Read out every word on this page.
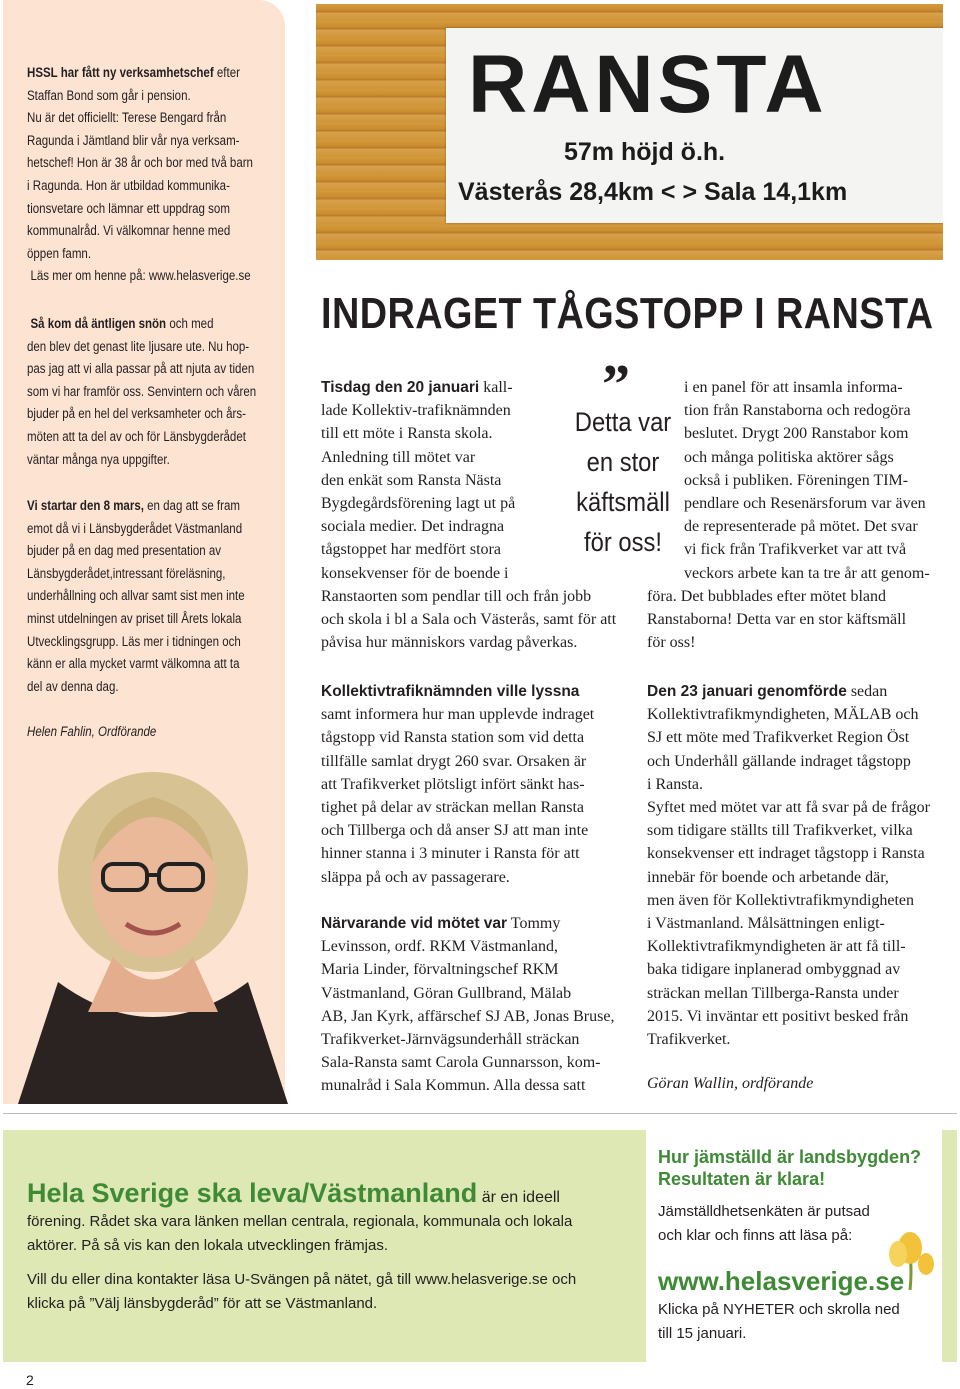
HSSL har fått ny verksamhetschef efter
Staffan Bond som går i pension.
Nu är det officiellt: Terese Bengard från
Ragunda i Jämtland blir vår nya verksam-
hetschef! Hon är 38 år och bor med två barn
i Ragunda. Hon är utbildad kommunika-
tionsvetare och lämnar ett uppdrag som
kommunalråd. Vi välkomnar henne med
öppen famn.
Läs mer om henne på: www.helasverige.se
Så kom då äntligen snön och med
den blev det genast lite ljusare ute. Nu hop-
pas jag att vi alla passar på att njuta av tiden
som vi har framför oss. Senvintern och våren
bjuder på en hel del verksamheter och års-
möten att ta del av och för Länsbygderådet
väntar många nya uppgifter.
Vi startar den 8 mars, en dag att se fram
emot då vi i Länsbygderådet Västmanland
bjuder på en dag med presentation av
Länsbygderådet,intressant föreläsning,
underhållning och allvar samt sist men inte
minst utdelningen av priset till Årets lokala
Utvecklingsgrupp. Läs mer i tidningen och
känn er alla mycket varmt välkomna att ta
del av denna dag.
Helen Fahlin, Ordförande
RANSTA
57m höjd ö.h.
Västerås 28,4km < > Sala 14,1km
INDRAGET TÅGSTOPP I RANSTA

Tisdag den 20 januari kall-

lade Kollektiv-trafiknämnden

till ett möte i Ransta skola.

Anledning till mötet var

den enkät som Ransta Nästa

Bygdegårdsförening lagt ut på

sociala medier. Det indragna

tågstoppet har medfört stora

konsekvenser för de boende i

Ranstaorten som pendlar till och från jobb

och skola i bl a Sala och Västerås, samt för att

påvisa hur människors vardag påverkas.

Kollektivtrafiknämnden ville lyssna

samt informera hur man upplevde indraget

tågstopp vid Ransta station som vid detta

tillfälle samlat drygt 260 svar. Orsaken är

att Trafikverket plötsligt infört sänkt has-

tighet på delar av sträckan mellan Ransta

och Tillberga och då anser SJ att man inte

hinner stanna i 3 minuter i Ransta för att

släppa på och av passagerare.

Närvarande vid mötet var Tommy

Levinsson, ordf. RKM Västmanland,

Maria Linder, förvaltningschef RKM

Västmanland, Göran Gullbrand, Mälab

AB, Jan Kyrk, affärschef SJ AB, Jonas Bruse,

Trafikverket-Järnvägsunderhåll sträckan

Sala-Ransta samt Carola Gunnarsson, kom-

munalråd i Sala Kommun. Alla dessa satt

”
Detta var
en stor
käftsmäll
för oss!

i en panel för att insamla informa-

tion från Ranstaborna och redogöra

beslutet. Drygt 200 Ranstabor kom

och många politiska aktörer sågs

också i publiken. Föreningen TIM-

pendlare och Resenärsforum var även

de representerade på mötet. Det svar

vi fick från Trafikverket var att två

veckors arbete kan ta tre år att genom-

föra. Det bubblades efter mötet bland

Ranstaborna! Detta var en stor käftsmäll

för oss!

Den 23 januari genomförde sedan

Kollektivtrafikmyndigheten, MÄLAB och

SJ ett möte med Trafikverket Region Öst

och Underhåll gällande indraget tågstopp

i Ransta.

Syftet med mötet var att få svar på de frågor

som tidigare ställts till Trafikverket, vilka

konsekvenser ett indraget tågstopp i Ransta

innebär för boende och arbetande där,

men även för Kollektivtrafikmyndigheten

i Västmanland. Målsättningen enligt-

Kollektivtrafikmyndigheten är att få till-

baka tidigare inplanerad ombyggnad av

sträckan mellan Tillberga-Ransta under

2015. Vi inväntar ett positivt besked från

Trafikverket.

Göran Wallin, ordförande
Hela Sverige ska leva/Västmanland är en ideell
förening. Rådet ska vara länken mellan centrala, regionala, kommunala och lokala
aktörer. På så vis kan den lokala utvecklingen främjas.
Vill du eller dina kontakter läsa U-Svängen på nätet, gå till www.helasverige.se och
klicka på ”Välj länsbygderåd” för att se Västmanland.
Hur jämställd är landsbygden?
Resultaten är klara!
Jämställdhetsenkäten är putsad
och klar och finns att läsa på:
www.helasverige.se
Klicka på NYHETER och skrolla ned
till 15 januari.
2
